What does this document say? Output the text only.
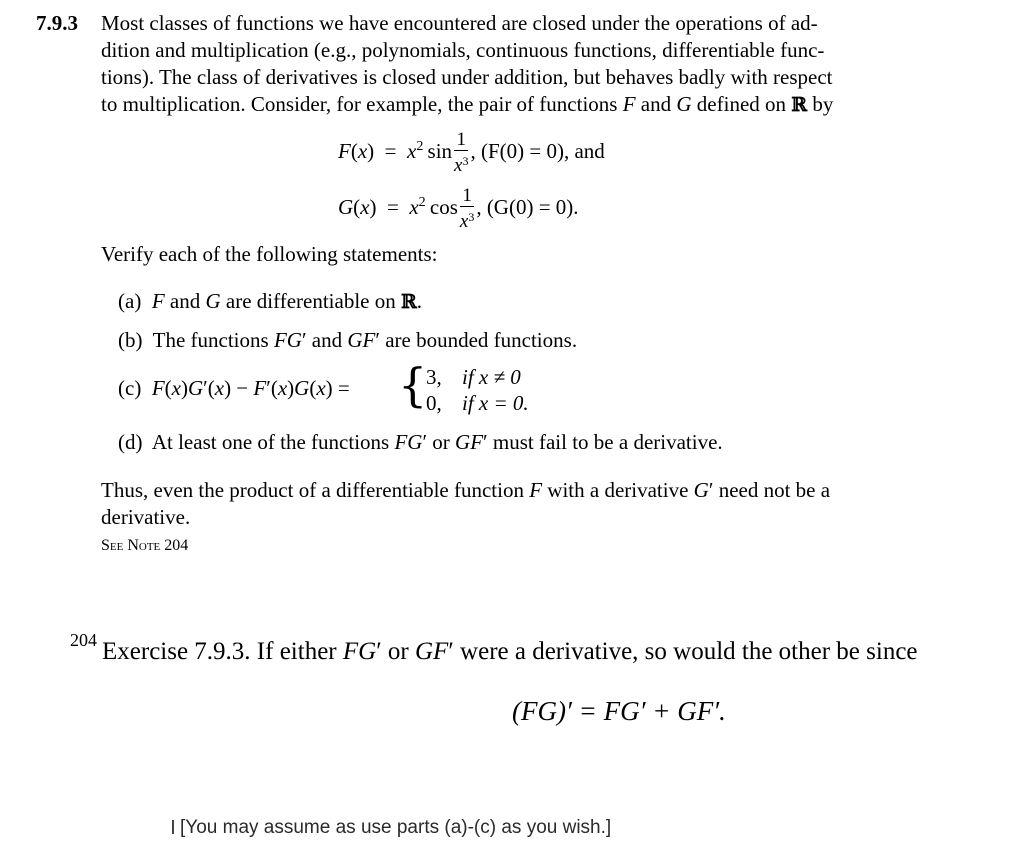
7.9.3 Most classes of functions we have encountered are closed under the operations of ad-
dition and multiplication (e.g., polynomials, continuous functions, differentiable func-
tions). The class of derivatives is closed under addition, but behaves badly with respect
to multiplication. Consider, for example, the pair of functions F and G defined on ℝ by
$F(x) = x^2$ $\sin \frac{1}{x^3}$ , (F(0) = 0), and
$G(x) = x^2$ $\cos \frac{1}{x^3}$ , (G(0) = 0).
Verify each of the following statements:
(a) F and G are differentiable on ℝ.
(b) The functions FG′ and GF′ are bounded functions.
(c) F(x)G′(x) − F′(x)G(x) = {
3, if x ≠ 0
0, if x = 0.
(d) At least one of the functions FG′ or GF′ must fail to be a derivative.
Thus, even the product of a differentiable function F with a derivative G′ need not be a
derivative.
See Note 204
204 Exercise 7.9.3. If either FG′ or GF′ were a derivative, so would the other be since
(FG)′ = FG′ + GF′.
[You may assume as use parts (a)-(c) as you wish.]
